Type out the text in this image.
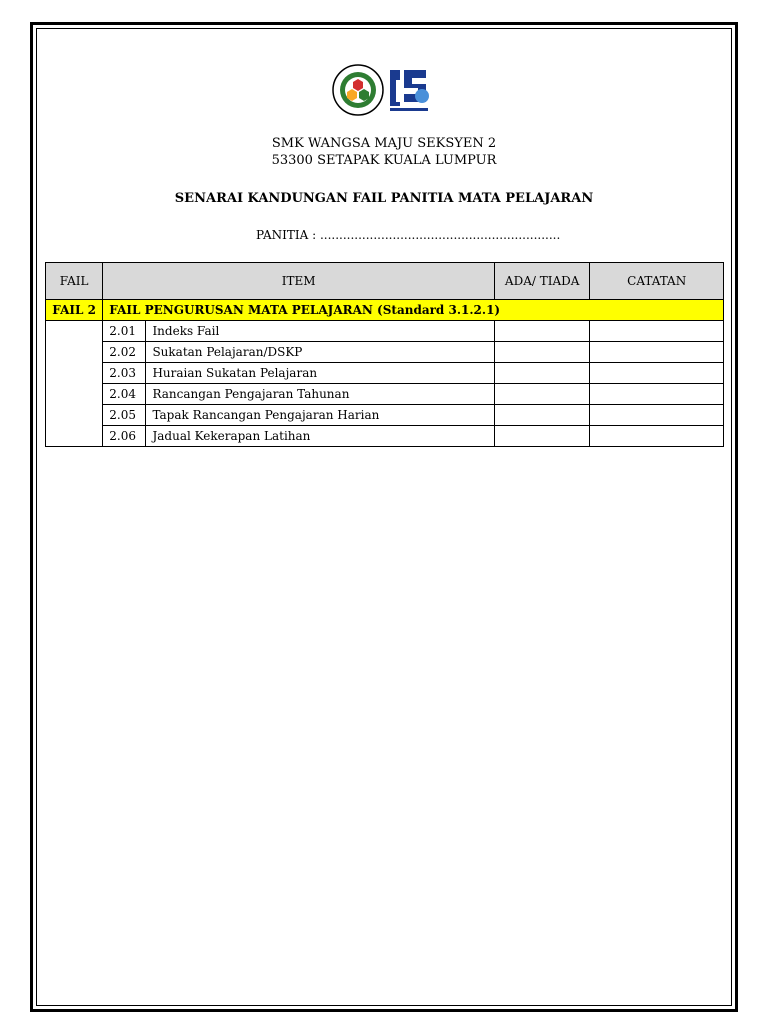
SMK WANGSA MAJU SEKSYEN 2
53300 SETAPAK KUALA LUMPUR
SENARAI KANDUNGAN FAIL PANITIA MATA PELAJARAN
PANITIA : ...............................................................
FAIL	ITEM		ADA/ TIADA	CATATAN
FAIL 2	FAIL PENGURUSAN MATA PELAJARAN (Standard 3.1.2.1)			
	2.01	Indeks Fail		
	2.02	Sukatan Pelajaran/DSKP		
	2.03	Huraian Sukatan Pelajaran		
	2.04	Rancangan Pengajaran Tahunan		
	2.05	Tapak Rancangan Pengajaran Harian		
	2.06	Jadual Kekerapan Latihan		
